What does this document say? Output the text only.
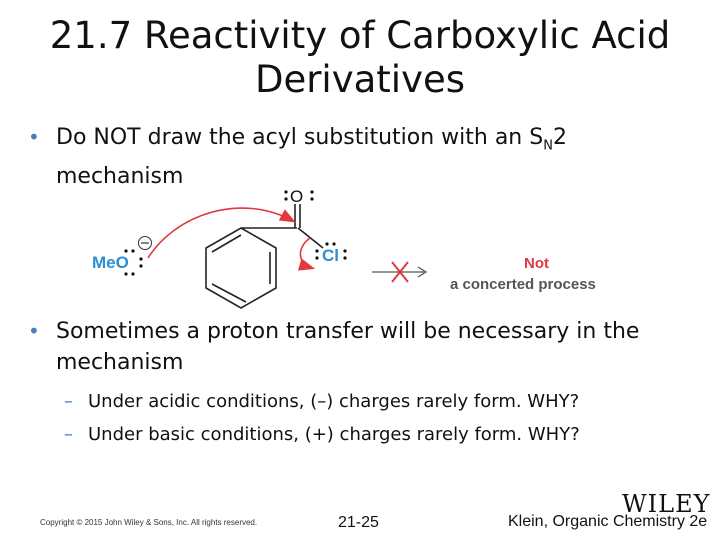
21.7 Reactivity of Carboxylic Acid Derivatives
• Do NOT draw the acyl substitution with an $S_N2$ mechanism
O
Cl
MeO	Not
a concerted process
• Sometimes a proton transfer will be necessary in the mechanism
– Under acidic conditions, (–) charges rarely form. WHY?
– Under basic conditions, (+) charges rarely form. WHY?
WILEY
Copyright © 2015 John Wiley & Sons, Inc. All rights reserved.	21-25	Klein, Organic Chemistry 2e
